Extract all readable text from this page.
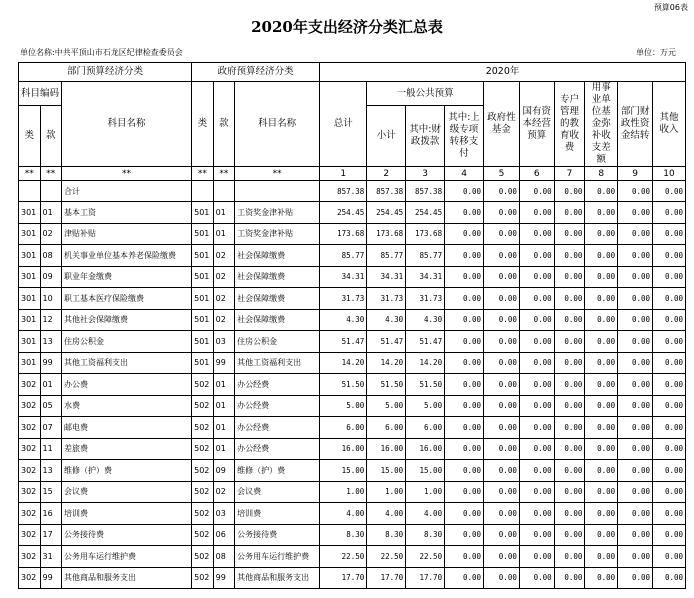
预算06表
2020年支出经济分类汇总表
单位名称:中共平顶山市石龙区纪律检查委员会	单位：万元
部门预算经济分类			政府预算经济分类			2020年									
科目编码		科目名称	类	款	科目名称	总计	一般公共预算			政府性基金	国有资本经营预算	专户管理的教育收费	用事业单位基金弥补收支差额	部门财政性资金结转	其他收入
类	款						小计	其中:财政拨款	其中:上级专项转移支付						
**	**	**	**	**	**	1	2	3	4	5	6	7	8	9	10
		合计				857.38	857.38	857.38	0.00	0.00	0.00	0.00	0.00	0.00	0.00
301	01	基本工资	501	01	工资奖金津补贴	254.45	254.45	254.45	0.00	0.00	0.00	0.00	0.00	0.00	0.00
301	02	津贴补贴	501	01	工资奖金津补贴	173.68	173.68	173.68	0.00	0.00	0.00	0.00	0.00	0.00	0.00
301	08	机关事业单位基本养老保险缴费	501	02	社会保障缴费	85.77	85.77	85.77	0.00	0.00	0.00	0.00	0.00	0.00	0.00
301	09	职业年金缴费	501	02	社会保障缴费	34.31	34.31	34.31	0.00	0.00	0.00	0.00	0.00	0.00	0.00
301	10	职工基本医疗保险缴费	501	02	社会保障缴费	31.73	31.73	31.73	0.00	0.00	0.00	0.00	0.00	0.00	0.00
301	12	其他社会保障缴费	501	02	社会保障缴费	4.30	4.30	4.30	0.00	0.00	0.00	0.00	0.00	0.00	0.00
301	13	住房公积金	501	03	住房公积金	51.47	51.47	51.47	0.00	0.00	0.00	0.00	0.00	0.00	0.00
301	99	其他工资福利支出	501	99	其他工资福利支出	14.20	14.20	14.20	0.00	0.00	0.00	0.00	0.00	0.00	0.00
302	01	办公费	502	01	办公经费	51.50	51.50	51.50	0.00	0.00	0.00	0.00	0.00	0.00	0.00
302	05	水费	502	01	办公经费	5.00	5.00	5.00	0.00	0.00	0.00	0.00	0.00	0.00	0.00
302	07	邮电费	502	01	办公经费	6.00	6.00	6.00	0.00	0.00	0.00	0.00	0.00	0.00	0.00
302	11	差旅费	502	01	办公经费	16.00	16.00	16.00	0.00	0.00	0.00	0.00	0.00	0.00	0.00
302	13	维修（护）费	502	09	维修（护）费	15.00	15.00	15.00	0.00	0.00	0.00	0.00	0.00	0.00	0.00
302	15	会议费	502	02	会议费	1.00	1.00	1.00	0.00	0.00	0.00	0.00	0.00	0.00	0.00
302	16	培训费	502	03	培训费	4.00	4.00	4.00	0.00	0.00	0.00	0.00	0.00	0.00	0.00
302	17	公务接待费	502	06	公务接待费	8.30	8.30	8.30	0.00	0.00	0.00	0.00	0.00	0.00	0.00
302	31	公务用车运行维护费	502	08	公务用车运行维护费	22.50	22.50	22.50	0.00	0.00	0.00	0.00	0.00	0.00	0.00
302	99	其他商品和服务支出	502	99	其他商品和服务支出	17.70	17.70	17.70	0.00	0.00	0.00	0.00	0.00	0.00	0.00
